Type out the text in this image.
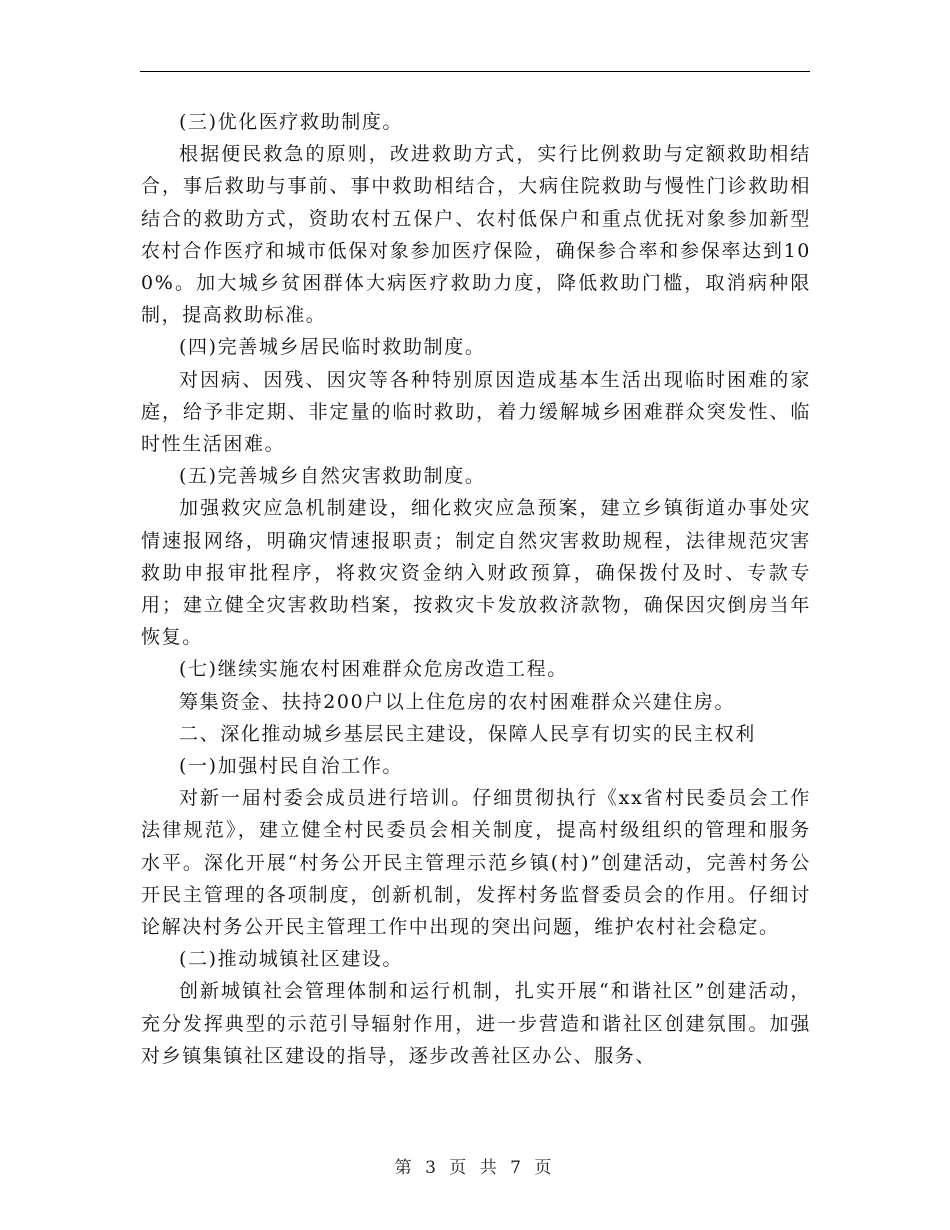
(三)优化医疗救助制度。

根据便民救急的原则，改进救助方式，实行比例救助与定额救助相结合，事后救助与事前、事中救助相结合，大病住院救助与慢性门诊救助相结合的救助方式，资助农村五保户、农村低保户和重点优抚对象参加新型农村合作医疗和城市低保对象参加医疗保险，确保参合率和参保率达到100%。加大城乡贫困群体大病医疗救助力度，降低救助门槛，取消病种限制，提高救助标准。

(四)完善城乡居民临时救助制度。

对因病、因残、因灾等各种特别原因造成基本生活出现临时困难的家庭，给予非定期、非定量的临时救助，着力缓解城乡困难群众突发性、临时性生活困难。

(五)完善城乡自然灾害救助制度。

加强救灾应急机制建设，细化救灾应急预案，建立乡镇街道办事处灾情速报网络，明确灾情速报职责；制定自然灾害救助规程，法律规范灾害救助申报审批程序，将救灾资金纳入财政预算，确保拨付及时、专款专用；建立健全灾害救助档案，按救灾卡发放救济款物，确保因灾倒房当年恢复。

(七)继续实施农村困难群众危房改造工程。

筹集资金、扶持200户以上住危房的农村困难群众兴建住房。

二、深化推动城乡基层民主建设，保障人民享有切实的民主权利

(一)加强村民自治工作。

对新一届村委会成员进行培训。仔细贯彻执行《xx省村民委员会工作法律规范》，建立健全村民委员会相关制度，提高村级组织的管理和服务水平。深化开展“村务公开民主管理示范乡镇(村)”创建活动，完善村务公开民主管理的各项制度，创新机制，发挥村务监督委员会的作用。仔细讨论解决村务公开民主管理工作中出现的突出问题，维护农村社会稳定。

(二)推动城镇社区建设。

创新城镇社会管理体制和运行机制，扎实开展“和谐社区”创建活动，充分发挥典型的示范引导辐射作用，进一步营造和谐社区创建氛围。加强对乡镇集镇社区建设的指导，逐步改善社区办公、服务、

第 3 页 共 7 页
